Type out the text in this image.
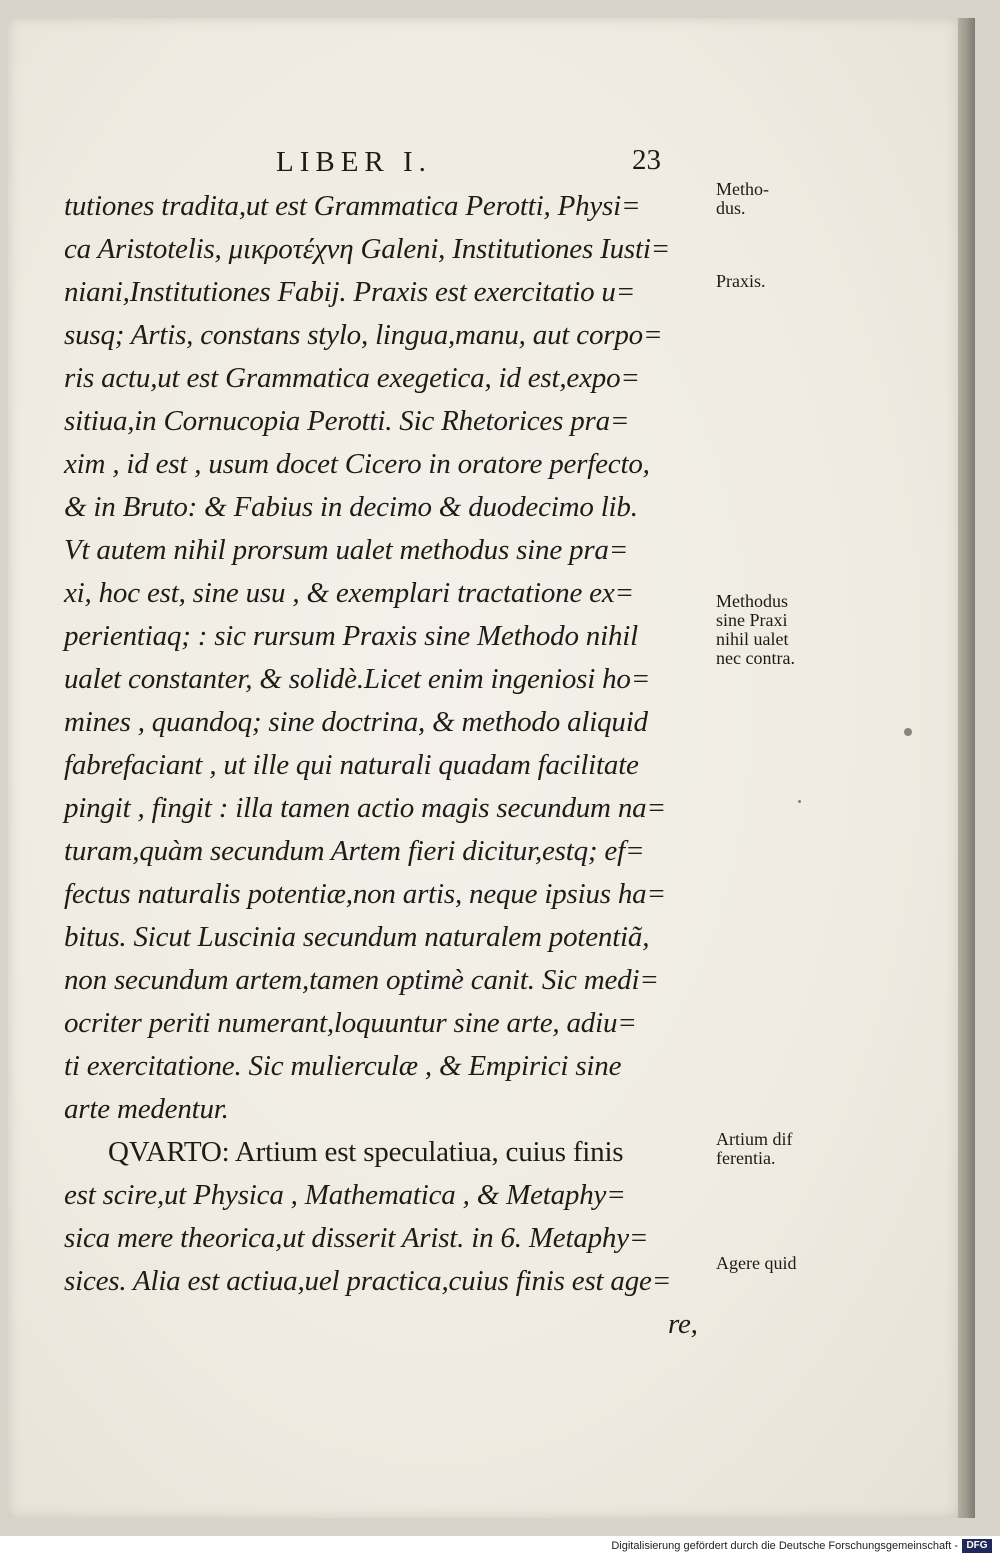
LIBER I.	23
tutiones tradita,ut est Grammatica Perotti, Physi=
ca Aristotelis, μικροτέχνη Galeni, Institutiones Iusti=
niani,Institutiones Fabij. Praxis est exercitatio u=
susq; Artis, constans stylo, lingua,manu, aut corpo=
ris actu,ut est Grammatica exegetica, id est,expo=
sitiua,in Cornucopia Perotti. Sic Rhetorices pra=
xim , id est , usum docet Cicero in oratore perfecto,
& in Bruto: & Fabius in decimo & duodecimo lib.
Vt autem nihil prorsum ualet methodus sine pra=
xi, hoc est, sine usu , & exemplari tractatione ex=
perientiaq; : sic rursum Praxis sine Methodo nihil
ualet constanter, & solidè.Licet enim ingeniosi ho=
mines , quandoq; sine doctrina, & methodo aliquid
fabrefaciant , ut ille qui naturali quadam facilitate
pingit , fingit : illa tamen actio magis secundum na=
turam,quàm secundum Artem fieri dicitur,estq; ef=
fectus naturalis potentiæ,non artis, neque ipsius ha=
bitus. Sicut Luscinia secundum naturalem potentiã,
non secundum artem,tamen optimè canit. Sic medi=
ocriter periti numerant,loquuntur sine arte, adiu=
ti exercitatione. Sic mulierculæ , & Empirici sine
arte medentur.
QVARTO: Artium est speculatiua, cuius finis
est scire,ut Physica , Mathematica , & Metaphy=
sica mere theorica,ut disserit Arist. in 6. Metaphy=
sices. Alia est actiua,uel practica,cuius finis est age=
re,
Metho-
dus.
Praxis.
Methodus
sine Praxi
nihil ualet
nec contra.
Artium dif
ferentia.
Agere quid
Digitalisierung gefördert durch die Deutsche Forschungsgemeinschaft - DFG
